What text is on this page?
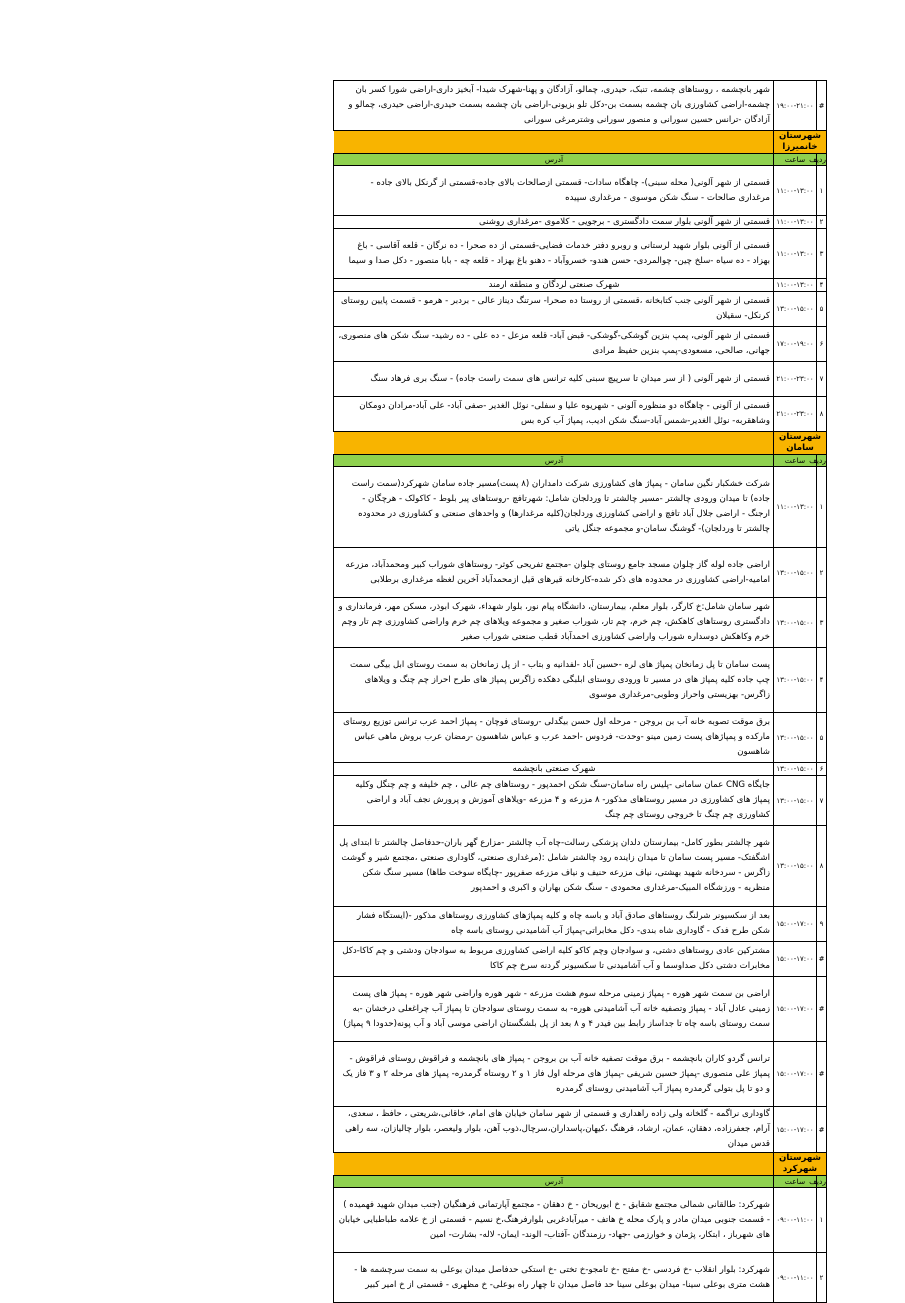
#	۱۹:۰۰-۲۱:۰۰	شهر بانچشمه ، روستاهای چشمه، تنبک، حیدری، چمالو، آزادگان و پهنا-شهرک شیدا- آبخیز داری-اراضی شورا کسر بان چشمه-اراضی کشاورزی بان چشمه بسمت بن-دکل تلو بزیونی-اراضی بان چشمه بسمت حیدری-اراضی حیدری، چمالو و آزادگان -ترانس حسین سورانی و منصور سورانی وشترمرغی سورانی
شهرستان خانمیرزا		
ردیف	ساعت	آدرس
۱	۱۱:۰۰-۱۳:۰۰	قسمتی از شهر آلونی( محله سبنی)- چاهگاه سادات- قسمتی ازصالحات بالای جاده-قسمتی از گرنکل بالای جاده - مرغداری صالحات - سنگ شکن موسوی - مرغداری سپیده
۲	۱۱:۰۰-۱۳:۰۰	قسمتی از شهر آلونی بلوار سمت دادگستری - برجویی - کلاموی -مرغداری روشنی
۳	۱۱:۰۰-۱۳:۰۰	قسمتی از آلونی بلوار شهید لرستانی و روبرو دفتر خدمات فضایی-قسمتی از ده صحرا - ده نرگان - قلعه آقاسی - باغ بهزاد - ده سیاه -سلخ چین- چوالمردی- حسن هندو- خسروآباد - دهنو باغ بهزاد - قلعه چه - بابا منصور - دکل صدا و سیما
۴	۱۱:۰۰-۱۳:۰۰	شهرک صنعتی لردگان و منطقه ارمند
۵	۱۳:۰۰-۱۵:۰۰	قسمتی از شهر آلونی جنب کتابخانه ،قسمتی از روستا ده صحرا- سرتنگ دیناز عالی - بردبر - هرمو - قسمت پایین روستای کرنکل- سقیلان
۶	۱۷:۰۰-۱۹:۰۰	قسمتی از شهر آلونی، پمپ بنزین گوشکی-گوشکی- قبض آباد- قلعه مزعل - ده علی - ده رشید- سنگ شکن های منصوری، جهانی، صالحی، مسعودی-پمپ بنزین حفیظ مرادی
۷	۲۱:۰۰-۲۳:۰۰	قسمتی از شهر آلونی ( از سر میدان تا سرپیچ سبنی کلیه ترانس های سمت راست جاده) - سنگ بری فرهاد سنگ
۸	۲۱:۰۰-۲۳:۰۰	قسمتی از آلونی - چاهگاه دو منظوره آلونی - شهریوه علیا و سفلی- نوئل الغدیر -صفی آباد- علی آباد-مرادان دومکان وشاهقربه- نوئل الغدیر-شمس آباد-سنگ شکن ادیب، پمپاژ آب کره بس
شهرستان سامان		
ردیف	ساعت	آدرس
۱	۱۱:۰۰-۱۳:۰۰	شرکت خشکبار نگین سامان - پمپاژ های کشاورزی شرکت دامداران (۸ پست)مسیر جاده سامان شهرکرد(سمت راست جاده) تا میدان ورودی چالشتر -مسیر چالشتر تا وردلجان شامل: شهرتافچ -روستاهای پیر بلوط - کاکولک - هرچگان - ارجنگ - اراضی جلال آباد تافچ و اراضی کشاورزی وردلجان(کلیه مرغدارها) و واحدهای صنعتی و کشاورزی در محدوده چالشتر تا وردلجان)- گوشنگ سامان-و مجموعه جنگل یاتی
۲	۱۳:۰۰-۱۵:۰۰	اراضی جاده لوله گاز چلوان مسجد جامع روستای چلوان -مجتمع تفریحی کوثر- روستاهای شوراب کبیر ومحمدآباد، مزرعه امامیه-اراضی کشاورزی در محدوده های ذکر شده-کارخانه قیرهای قیل ازمحمدآباد آخرین لغظه مرغداری برطلابی
۳	۱۳:۰۰-۱۵:۰۰	شهر سامان شامل:خ کارگر، بلوار معلم، بیمارستان، دانشگاه پیام نور، بلوار شهداء، شهرک ابوذر، مسکن مهر، فرمانداری و دادگستری روستاهای کاهکش، چم خرم، چم تار، شوراب صغیر و مجموعه ویلاهای چم خرم واراضی کشاورزی چم تار وچم خرم وکاهکش دوسداره شوراب واراضی کشاورزی احمدآباد قطب صنعتی شوراب صغیر
۴	۱۳:۰۰-۱۵:۰۰	پست سامان تا پل زمانخان پمپاژ های لره -حسین آباد -لفدانیه و بتاب - از پل زمانخان به سمت روستای ابل بیگی سمت چپ جاده کلیه پمپاژ های در مسیر تا ورودی روستای ابلبگی دهکده زاگرس پمپاژ های طرح احراز چم چنگ و ویلاهای زاگرس- بهزیستی واحراز وطوبی-مرغداری موسوی
۵	۱۳:۰۰-۱۵:۰۰	برق موقت تصوبه خانه آب بن بروجن - مرحله اول حسن بیگدلی -روستای فوچان - پمپاژ احمد عرب ترانس توزیع روستای مارکده و پمپاژهای پست زمین مینو -وحدت- فردوس -احمد عرب و عباس شاهسون -رمضان عرب بروش ماهی عباس شاهسون
۶	۱۳:۰۰-۱۵:۰۰	شهرک صنعتی بانچشمه
۷	۱۳:۰۰-۱۵:۰۰	جایگاه CNG عمان سامانی -پلیس راه سامان-سنگ شکن احمدپور - روستاهای چم عالی ، چم خلیفه و چم چنگل وکلیه پمپاژ های کشاورزی در مسیر روستاهای مذکور- ۸ مزرعه و ۴ مزرعه -ویلاهای آموزش و پرورش نجف آباد و اراضی کشاورزی چم چنگ تا خروجی روستای چم چنگ
۸	۱۳:۰۰-۱۵:۰۰	شهر چالشتر بطور کامل- بیمارستان دلدان پزشکی رسالت-چاه آب چالشتر -مزارع گهر باران-حدفاصل چالشتر تا ابتدای پل اشگفتک- مسیر پست سامان تا میدان زاینده رود چالشتر شامل :(مرغداری صنعتی، گاوداری صنعتی ،مجتمع شیر و گوشت زاگرس - سردخانه شهید بهشتی، نیاف مزرعه حنیف و نیاف مزرعه صفرپور -چایگاه سوخت طاها) مسیر سنگ شکن منظریه - ورزشگاه المبیک-مرغداری محمودی - سنگ شکن بهاران و اکبری و احمدپور
۹	۱۵:۰۰-۱۷:۰۰	بعد از سکسیونر شرلنگ روستاهای صادق آباد و باسه چاه و کلیه پمپاژهای کشاورزی روستاهای مذکور -(ایستگاه فشار شکن طرح فدک - گاوداری شاه بندی- دکل مخابراتی-پمپاژ آب آشامیدنی روستای باسه چاه
#	۱۵:۰۰-۱۷:۰۰	مشترکین عادی روستاهای دشتی، و سوادجان وچم کاکو کلیه اراضی کشاورزی مربوط به سوادجان ودشتی و چم کاکا-دکل مخابرات دشتی دکل صداوسما و آب آشامیدنی تا سکسیونر گردنه سرخ چم کاکا
#	۱۵:۰۰-۱۷:۰۰	اراضی بن سمت شهر هوره - پمپاژ زمینی مرحله سوم هشت مزرعه - شهر هوره واراضی شهر هوره - پمپاژ های پست زمینی عادل آباد - پمپاژ وتصفیه خانه آب آشامیدنی هوره- به سمت روستای سوادجان تا پمپاژ آب چراغعلی درخشان -به سمت روستای باسه چاه تا جداساز رابط بین فیدر ۴ و ۸ بعد از پل بلشگستان اراضی موسی آباد و آب پونه(حدودا ۹ پمپاژ)
#	۱۵:۰۰-۱۷:۰۰	ترانس گردو کاران بانچشمه - برق موقت تصفیه خانه آب بن بروجن - پمپاژ های بانچشمه و فراقوش روستای فراقوش - پمپاژ علی منصوری -پمپاژ حسین شریفی -پمپاژ های مرحله اول فاز ۱ و ۲ روستاه گرمدره- پمپاژ های مرحله ۲ و ۳ فاز یک و دو تا پل بتولی گرمدره پمپاژ آب آشامیدنی روستای گرمدره
#	۱۵:۰۰-۱۷:۰۰	گاوداری نراگمه - گلخانه ولی زاده راهداری و قسمتی از شهر سامان خیابان های امام، خاقانی،شریعتی ، حافظ ، سعدی، آرام، جعفرزاده، دهقان، عمان، ارشاد، فرهنگ ،کیهان،پاسداران،سرچال،ذوب آهن، بلوار ولیعصر، بلوار چالیازان، سه راهی قدس میدان
شهرستان شهرکرد		
ردیف	ساعت	آدرس
۱	۰۹:۰۰-۱۱:۰۰	شهرکرد: طالقانی شمالی مجتمع شقایق - خ ابوریحان - خ دهقان - مجتمع آپارتمانی فرهنگیان (جنب میدان شهید فهمیده ) - قسمت جنوبی میدان مادر و پارک محله خ هاتف - میرآبادغربی بلوارفرهنگ،خ نسیم - قسمتی از خ علامه طباطبایی خیابان های شهرباز ، ابتکار، پژمان و خوارزمی -جهاد- رزمندگان -آفتاب- الوند- ایمان- لاله- بشارت- امین
۲	۰۹:۰۰-۱۱:۰۰	شهرکرد: بلوار انقلاب -خ فردسی -خ مفتح -خ تامجو-خ تختی -خ استکی حدفاصل میدان بوعلی به سمت سرچشمه ها - هشت متری بوعلی سینا- میدان بوعلی سینا حد فاصل میدان تا چهار راه بوعلی- خ مظهری - قسمتی از خ امیر کبیر
